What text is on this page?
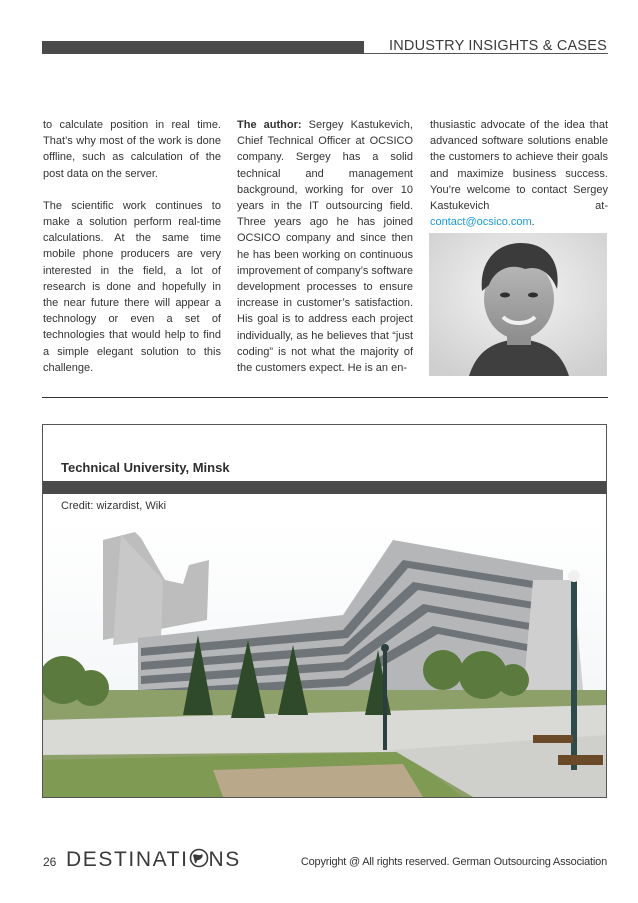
INDUSTRY INSIGHTS & CASES

to calculate position in real time. That’s why most of the work is done offline, such as calculation of the post data on the server.

The scientific work continues to make a solution perform real-time calculations. At the same time mobile phone producers are very interested in the field, a lot of research is done and hopefully in the near future there will appear a technology or even a set of technologies that would help to find a simple elegant solution to this challenge.

The author: Sergey Kastukevich, Chief Technical Officer at OCSICO company. Sergey has a solid technical and management background, working for over 10 years in the IT outsourcing field. Three years ago he has joined OCSICO company and since then he has been working on continuous improvement of company’s software development processes to ensure increase in customer’s satisfaction. His goal is to address each project individually, as he believes that “just coding” is not what the majority of the customers expect. He is an en-

thusiastic advocate of the idea that advanced software solutions enable the customers to achieve their goals and maximize business success. You’re welcome to contact Sergey Kastukevich at- contact@ocsico.com.

Technical University, Minsk
Credit: wizardist, Wiki
26 DESTINATI NS	Copyright @ All rights reserved. German Outsourcing Association
